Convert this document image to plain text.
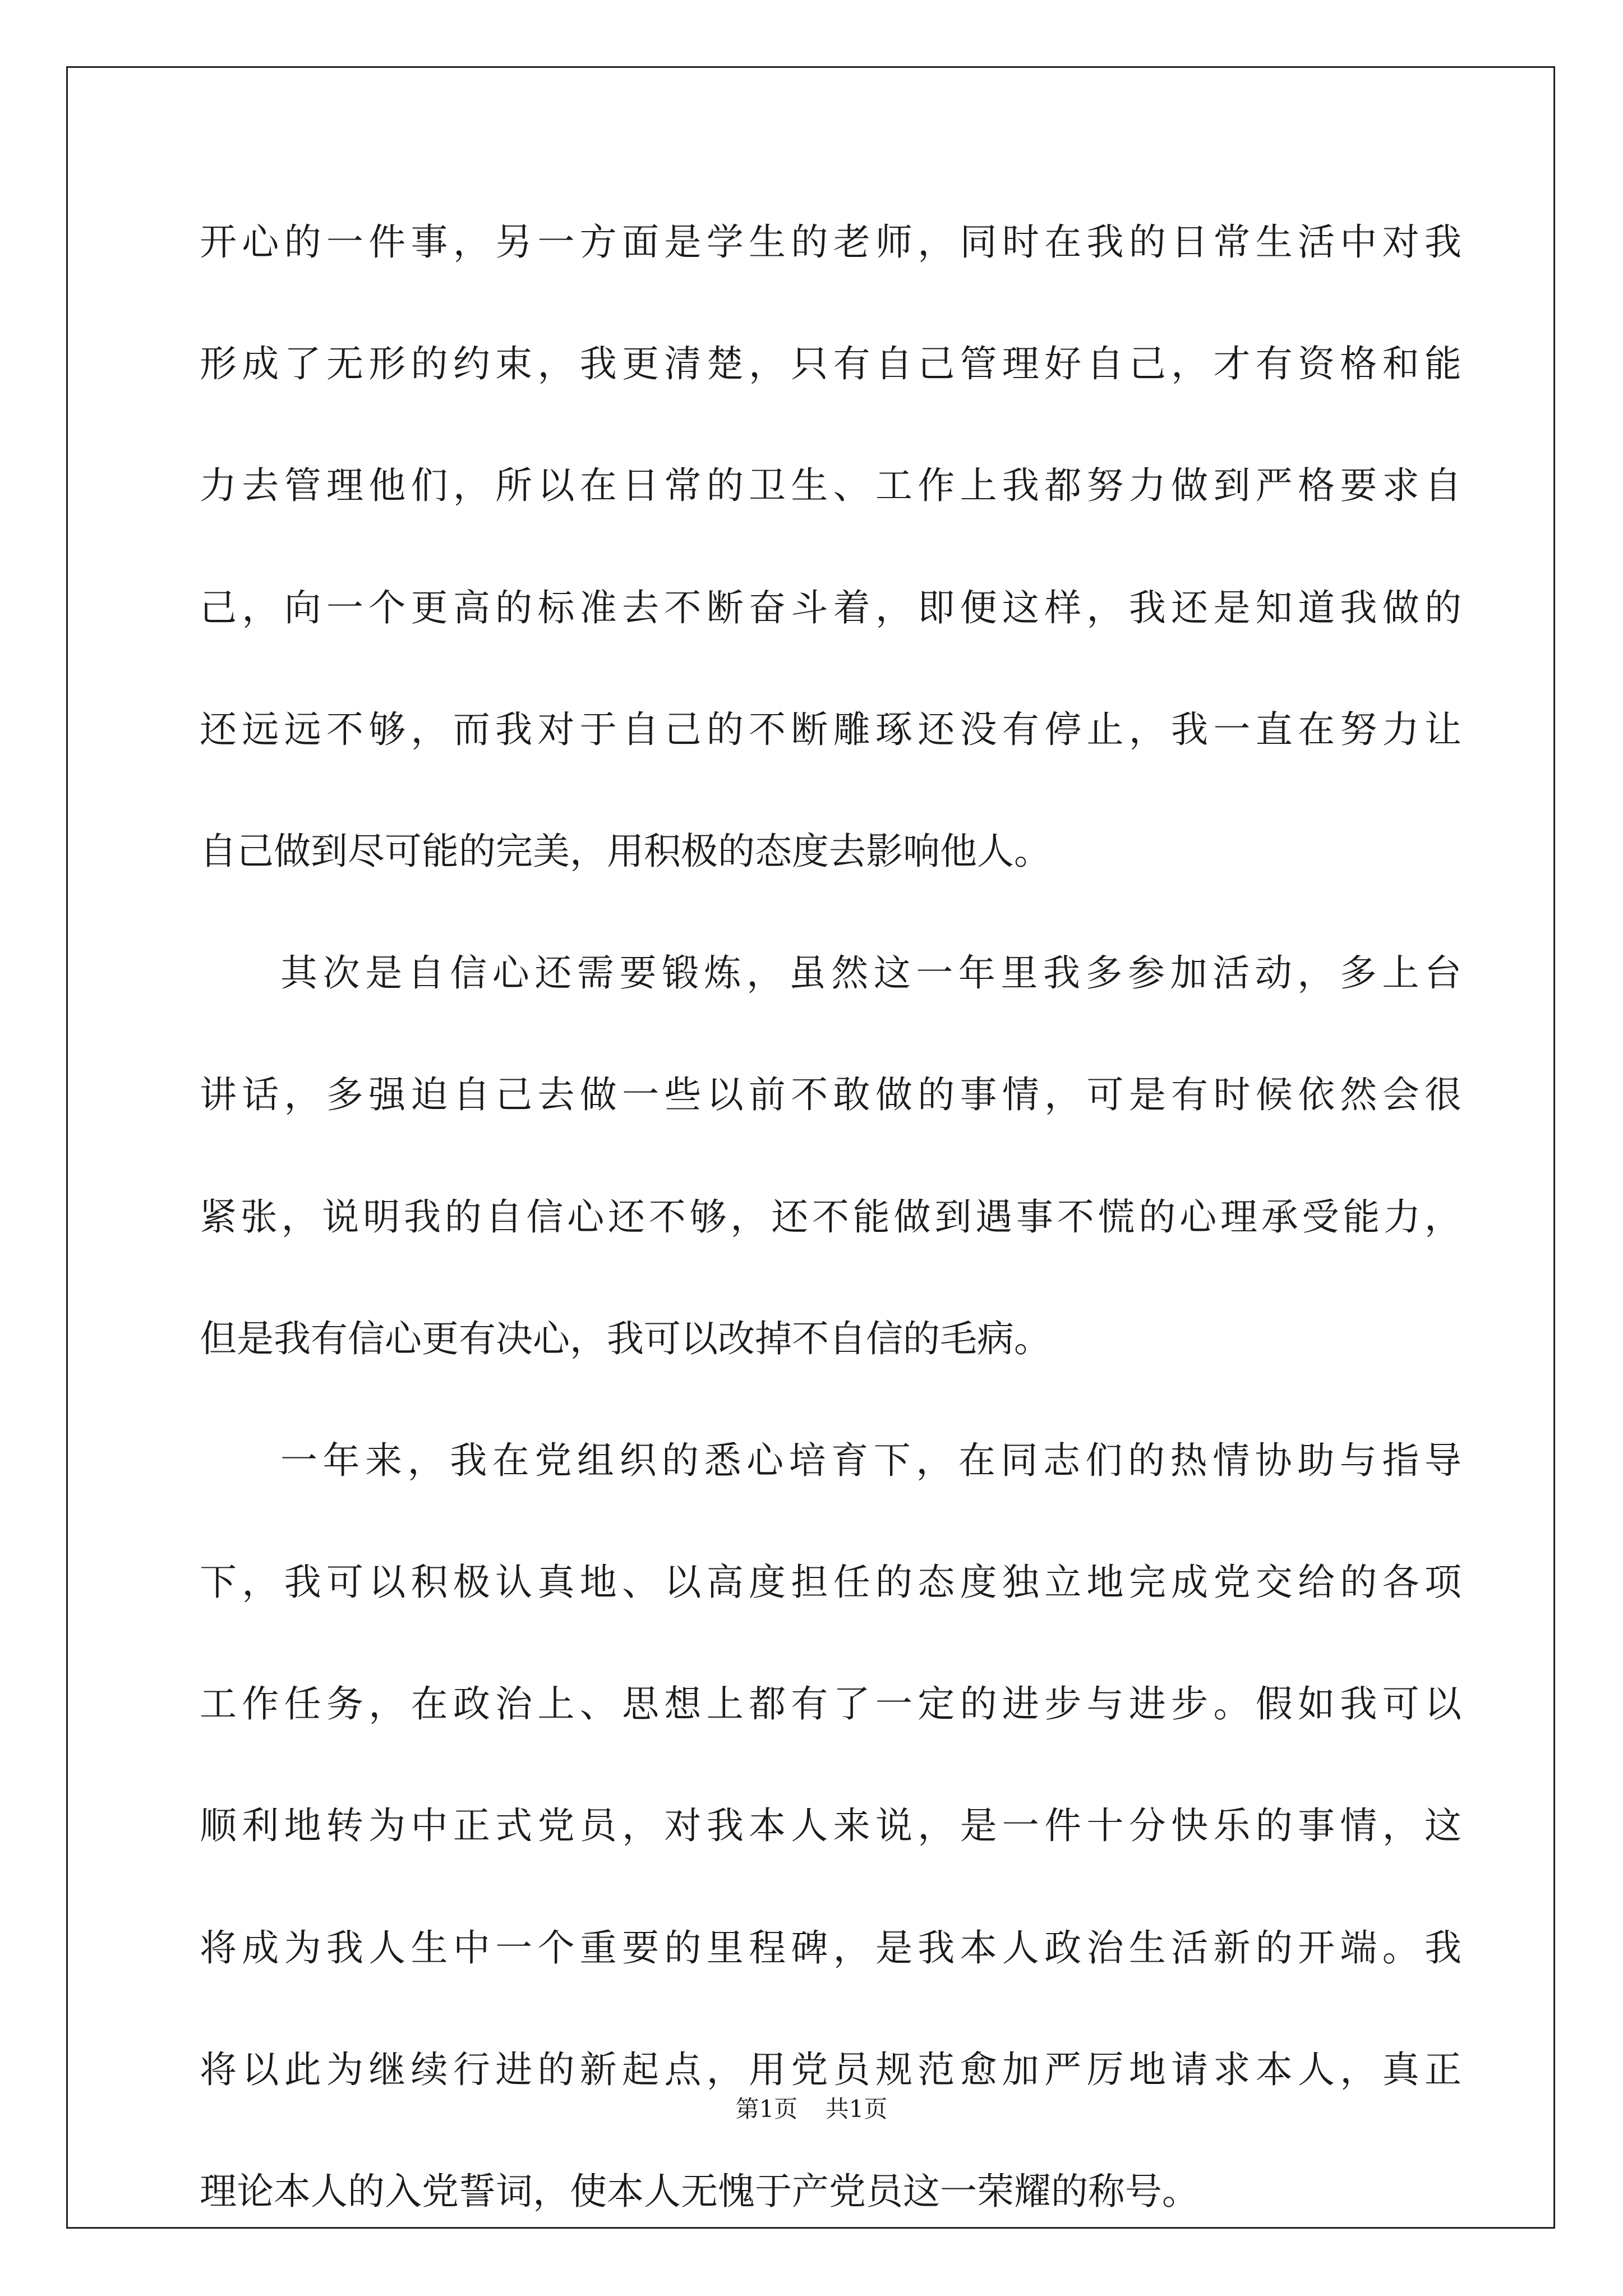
开心的一件事，另一方面是学生的老师，同时在我的日常生活中对我
形成了无形的约束，我更清楚，只有自己管理好自己，才有资格和能
力去管理他们，所以在日常的卫生、工作上我都努力做到严格要求自
己，向一个更高的标准去不断奋斗着，即便这样，我还是知道我做的
还远远不够，而我对于自己的不断雕琢还没有停止，我一直在努力让
自己做到尽可能的完美，用积极的态度去影响他人。
其次是自信心还需要锻炼，虽然这一年里我多参加活动，多上台
讲话，多强迫自己去做一些以前不敢做的事情，可是有时候依然会很
紧张，说明我的自信心还不够，还不能做到遇事不慌的心理承受能力，
但是我有信心更有决心，我可以改掉不自信的毛病。
一年来，我在党组织的悉心培育下，在同志们的热情协助与指导
下，我可以积极认真地、以高度担任的态度独立地完成党交给的各项
工作任务，在政治上、思想上都有了一定的进步与进步。假如我可以
顺利地转为中正式党员，对我本人来说，是一件十分快乐的事情，这
将成为我人生中一个重要的里程碑，是我本人政治生活新的开端。我
将以此为继续行进的新起点，用党员规范愈加严厉地请求本人，真正
理论本人的入党誓词，使本人无愧于产党员这一荣耀的称号。
第1页 共1页
